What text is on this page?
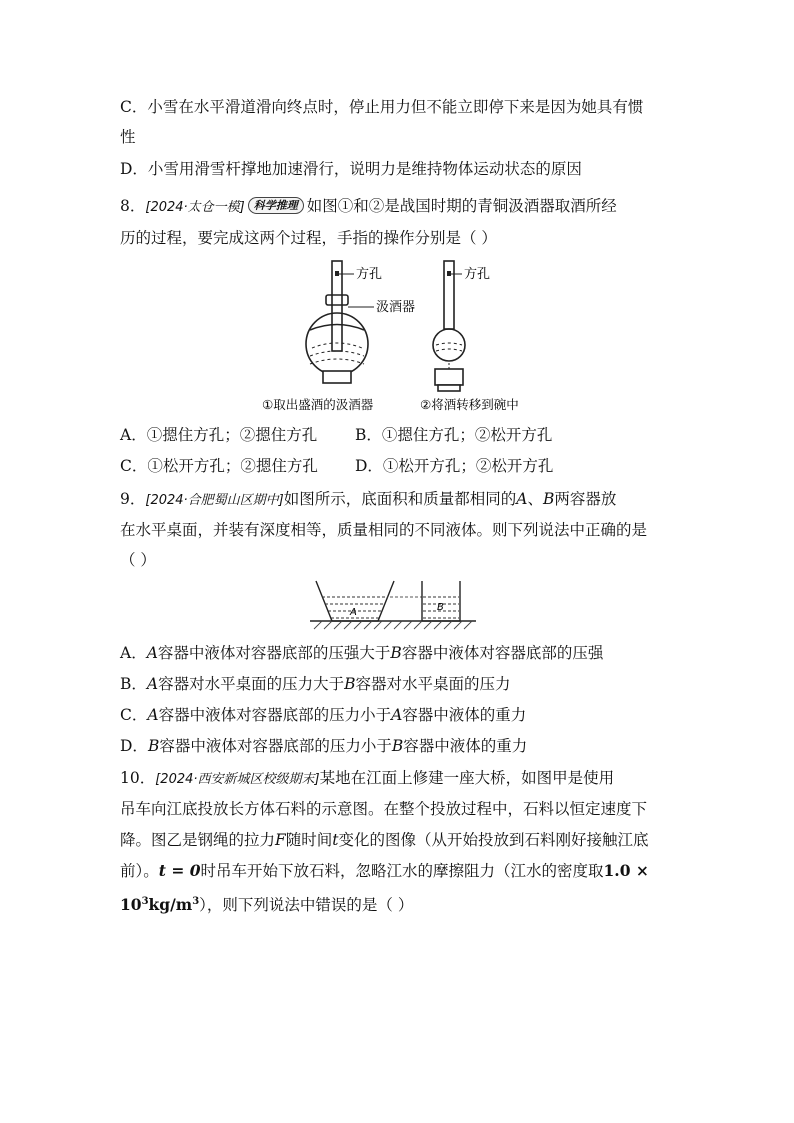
C．小雪在水平滑道滑向终点时，停止用力但不能立即停下来是因为她具有惯
性
D．小雪用滑雪杆撑地加速滑行，说明力是维持物体运动状态的原因
8．[2024·太仓一模] 科学推理 如图①和②是战国时期的青铜汲酒器取酒所经
历的过程，要完成这两个过程，手指的操作分别是（ ）
方孔
汲酒器
方孔
①取出盛酒的汲酒器	②将酒转移到碗中
A．①摁住方孔；②摁住方孔 B．①摁住方孔；②松开方孔
C．①松开方孔；②摁住方孔 D．①松开方孔；②松开方孔
9．[2024·合肥蜀山区期中]如图所示，底面积和质量都相同的A、B两容器放
在水平桌面，并装有深度相等，质量相同的不同液体。则下列说法中正确的是
（ ）
A	B
A．A容器中液体对容器底部的压强大于B容器中液体对容器底部的压强
B．A容器对水平桌面的压力大于B容器对水平桌面的压力
C．A容器中液体对容器底部的压力小于A容器中液体的重力
D．B容器中液体对容器底部的压力小于B容器中液体的重力
10．[2024·西安新城区校级期末]某地在江面上修建一座大桥，如图甲是使用
吊车向江底投放长方体石料的示意图。在整个投放过程中，石料以恒定速度下
降。图乙是钢绳的拉力F随时间t变化的图像（从开始投放到石料刚好接触江底
前）。t = 0时吊车开始下放石料，忽略江水的摩擦阻力（江水的密度取1.0 ×
$10^3kg/m^3$），则下列说法中错误的是（ ）
